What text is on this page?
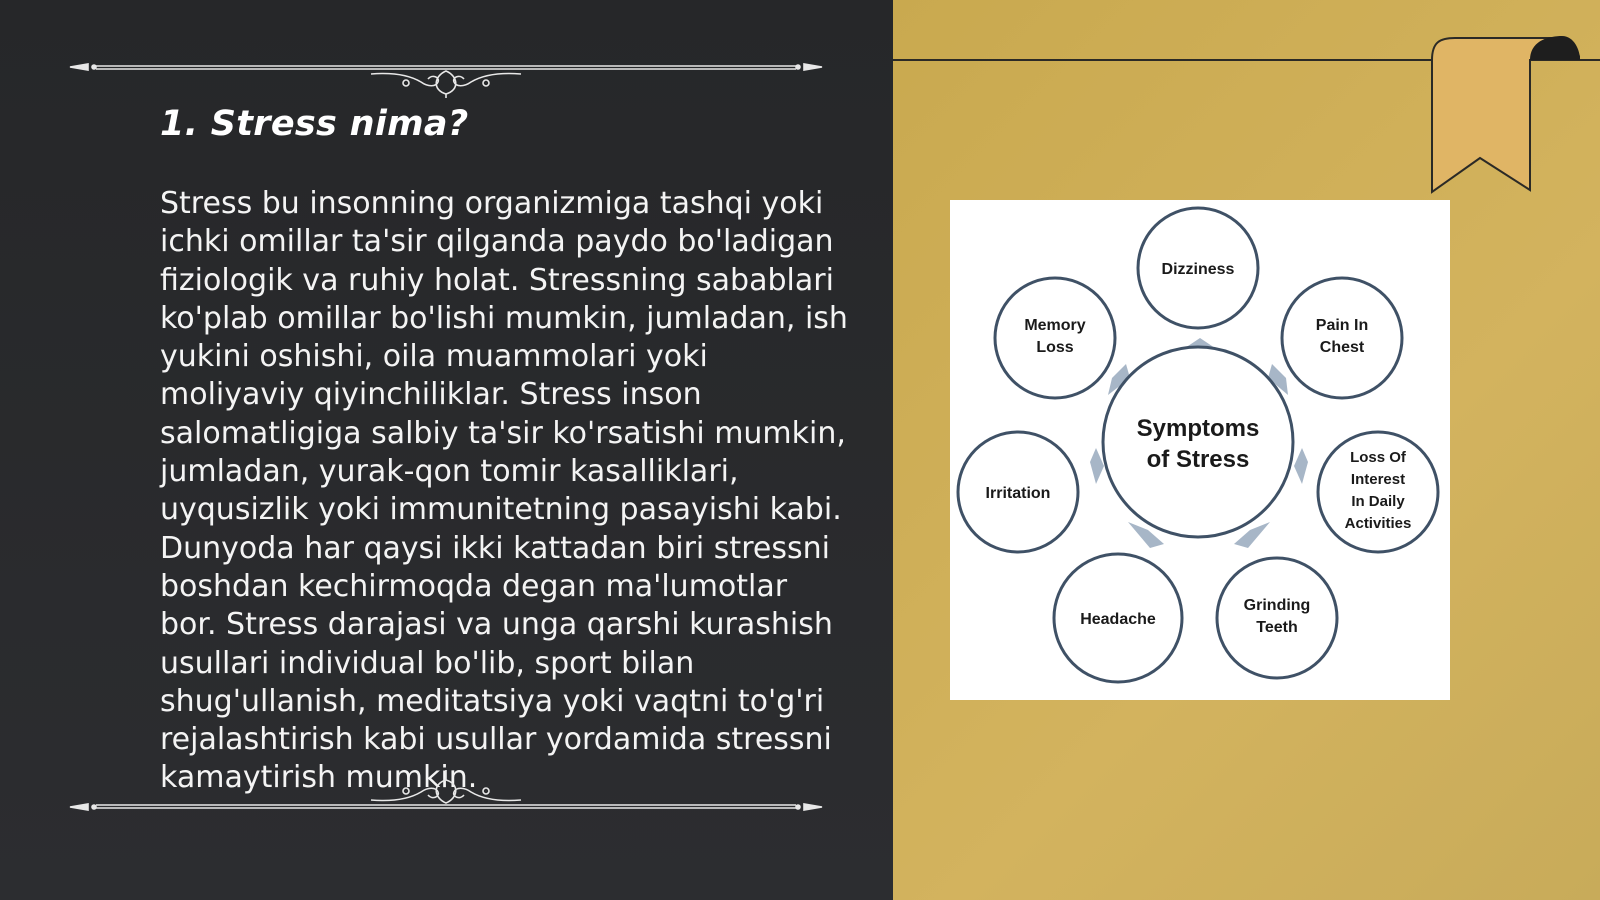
1. Stress nima?

Stress bu insonning organizmiga tashqi yoki ichki omillar ta'sir qilganda paydo bo'ladigan fiziologik va ruhiy holat. Stressning sabablari ko'plab omillar bo'lishi mumkin, jumladan, ish yukini oshishi, oila muammolari yoki moliyaviy qiyinchiliklar. Stress inson salomatligiga salbiy ta'sir ko'rsatishi mumkin, jumladan, yurak-qon tomir kasalliklari, uyqusizlik yoki immunitetning pasayishi kabi. Dunyoda har qaysi ikki kattadan biri stressni boshdan kechirmoqda degan ma'lumotlar bor. Stress darajasi va unga qarshi kurashish usullari individual bo'lib, sport bilan shug'ullanish, meditatsiya yoki vaqtni to'g'ri rejalashtirish kabi usullar yordamida stressni kamaytirish mumkin.

Symptoms
of Stress
Dizziness
Pain In
Chest
Loss Of
Interest
In Daily
Activities
Grinding
Teeth
Headache
Irritation
Memory
Loss
